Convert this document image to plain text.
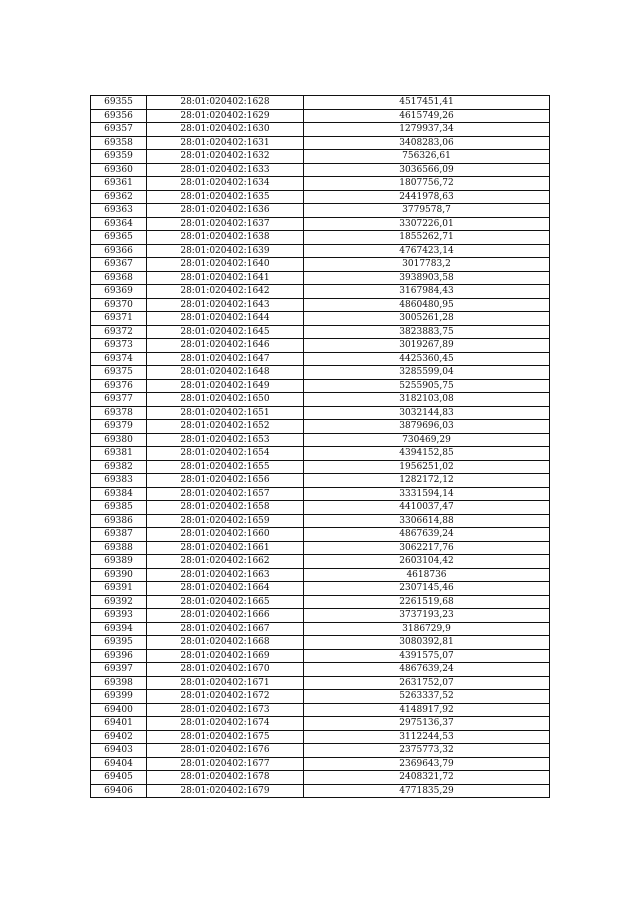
69355	28:01:020402:1628	4517451,41
69356	28:01:020402:1629	4615749,26
69357	28:01:020402:1630	1279937,34
69358	28:01:020402:1631	3408283,06
69359	28:01:020402:1632	756326,61
69360	28:01:020402:1633	3036566,09
69361	28:01:020402:1634	1807756,72
69362	28:01:020402:1635	2441978,63
69363	28:01:020402:1636	3779578,7
69364	28:01:020402:1637	3307226,01
69365	28:01:020402:1638	1855262,71
69366	28:01:020402:1639	4767423,14
69367	28:01:020402:1640	3017783,2
69368	28:01:020402:1641	3938903,58
69369	28:01:020402:1642	3167984,43
69370	28:01:020402:1643	4860480,95
69371	28:01:020402:1644	3005261,28
69372	28:01:020402:1645	3823883,75
69373	28:01:020402:1646	3019267,89
69374	28:01:020402:1647	4425360,45
69375	28:01:020402:1648	3285599,04
69376	28:01:020402:1649	5255905,75
69377	28:01:020402:1650	3182103,08
69378	28:01:020402:1651	3032144,83
69379	28:01:020402:1652	3879696,03
69380	28:01:020402:1653	730469,29
69381	28:01:020402:1654	4394152,85
69382	28:01:020402:1655	1956251,02
69383	28:01:020402:1656	1282172,12
69384	28:01:020402:1657	3331594,14
69385	28:01:020402:1658	4410037,47
69386	28:01:020402:1659	3306614,88
69387	28:01:020402:1660	4867639,24
69388	28:01:020402:1661	3062217,76
69389	28:01:020402:1662	2603104,42
69390	28:01:020402:1663	4618736
69391	28:01:020402:1664	2307145,46
69392	28:01:020402:1665	2261519,68
69393	28:01:020402:1666	3737193,23
69394	28:01:020402:1667	3186729,9
69395	28:01:020402:1668	3080392,81
69396	28:01:020402:1669	4391575,07
69397	28:01:020402:1670	4867639,24
69398	28:01:020402:1671	2631752,07
69399	28:01:020402:1672	5263337,52
69400	28:01:020402:1673	4148917,92
69401	28:01:020402:1674	2975136,37
69402	28:01:020402:1675	3112244,53
69403	28:01:020402:1676	2375773,32
69404	28:01:020402:1677	2369643,79
69405	28:01:020402:1678	2408321,72
69406	28:01:020402:1679	4771835,29
